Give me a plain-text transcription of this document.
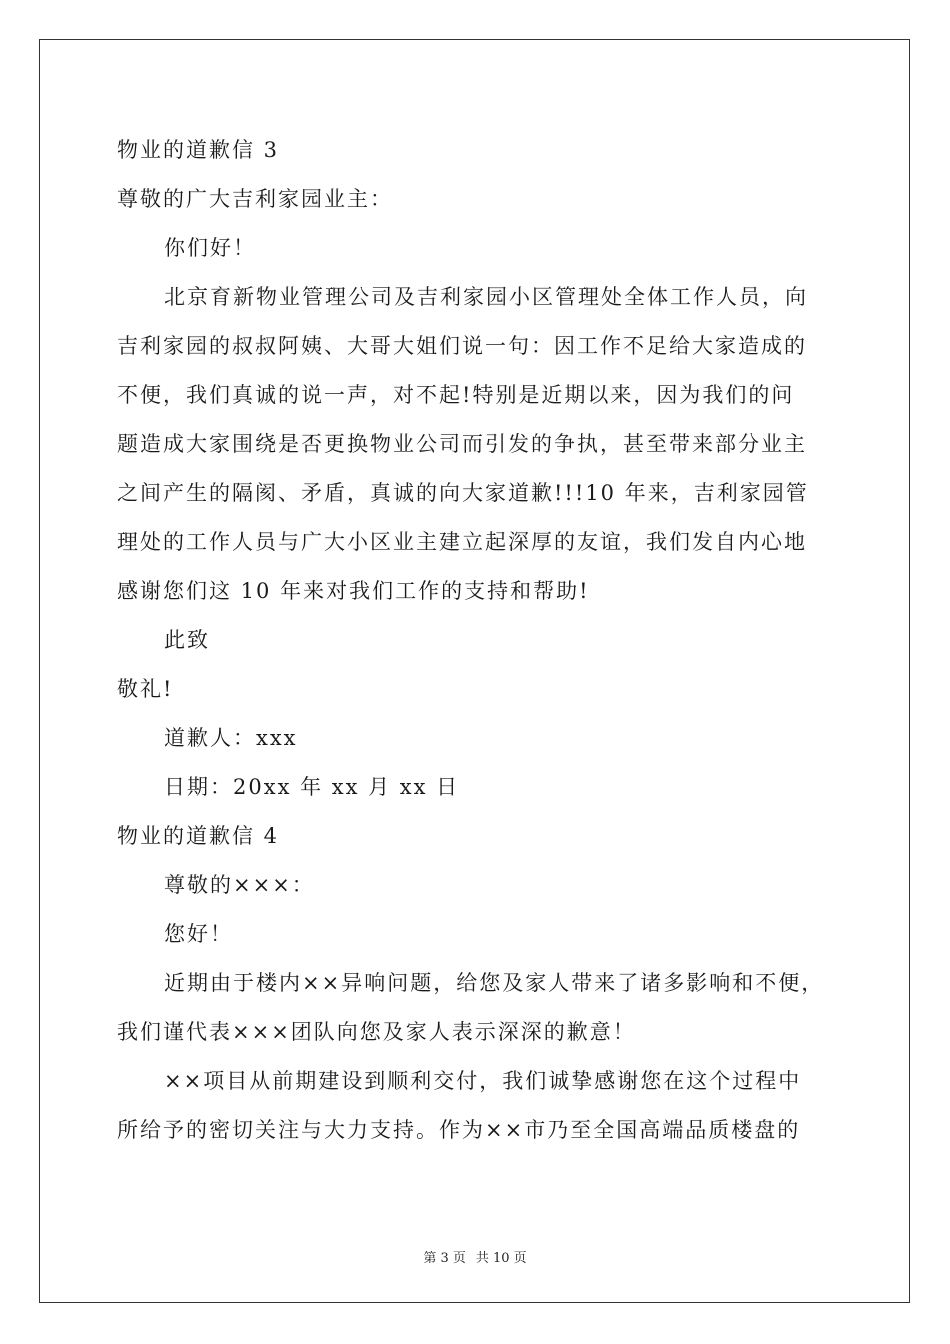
物业的道歉信 3
尊敬的广大吉利家园业主：
你们好！
北京育新物业管理公司及吉利家园小区管理处全体工作人员，向
吉利家园的叔叔阿姨、大哥大姐们说一句：因工作不足给大家造成的
不便，我们真诚的说一声，对不起!特别是近期以来，因为我们的问
题造成大家围绕是否更换物业公司而引发的争执，甚至带来部分业主
之间产生的隔阂、矛盾，真诚的向大家道歉!!!10 年来，吉利家园管
理处的工作人员与广大小区业主建立起深厚的友谊，我们发自内心地
感谢您们这 10 年来对我们工作的支持和帮助!
此致
敬礼!
道歉人：xxx
日期：20xx 年 xx 月 xx 日
物业的道歉信 4
尊敬的×××：
您好！
近期由于楼内××异响问题，给您及家人带来了诸多影响和不便，
我们谨代表×××团队向您及家人表示深深的歉意！
××项目从前期建设到顺利交付，我们诚挚感谢您在这个过程中
所给予的密切关注与大力支持。作为××市乃至全国高端品质楼盘的
第 3 页 共 10 页
